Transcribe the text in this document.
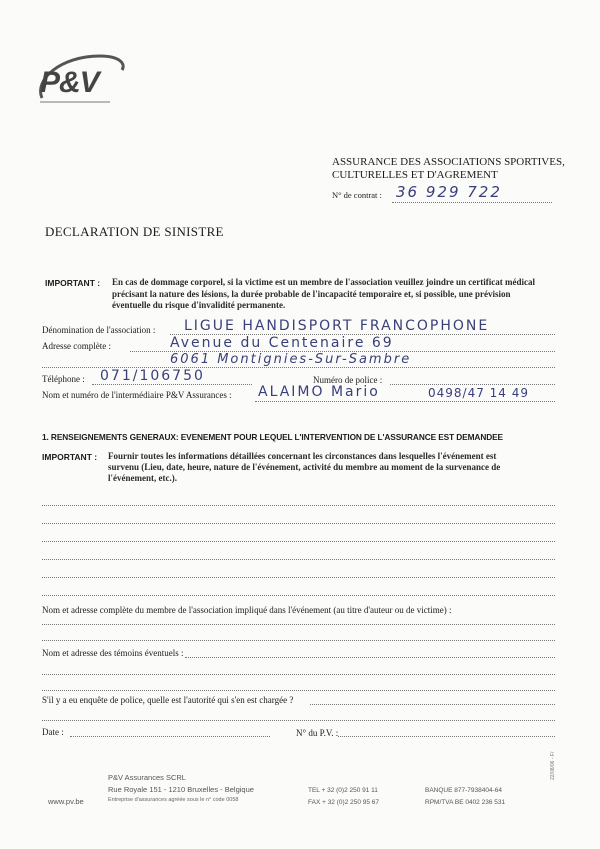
P&V
ASSURANCE DES ASSOCIATIONS SPORTIVES,
CULTURELLES ET D'AGREMENT
N° de contrat : 36 929 722
DECLARATION DE SINISTRE
IMPORTANT : En cas de dommage corporel, si la victime est un membre de l'association veuillez joindre un certificat médical précisant la nature des lésions, la durée probable de l'incapacité temporaire et, si possible, une prévision éventuelle du risque d'invalidité permanente.
Dénomination de l'association : LIGUE HANDISPORT FRANCOPHONE
Adresse complète :	Avenue du Centenaire 69
6061 Montignies-Sur-Sambre
Téléphone : 071/106750	Numéro de police :
Nom et numéro de l'intermédiaire P&V Assurances : ALAIMO Mario	0498/47 14 49
1. RENSEIGNEMENTS GENERAUX: EVENEMENT POUR LEQUEL L'INTERVENTION DE L'ASSURANCE EST DEMANDEE
IMPORTANT : Fournir toutes les informations détaillées concernant les circonstances dans lesquelles l'événement est survenu (Lieu, date, heure, nature de l'événement, activité du membre au moment de la survenance de l'événement, etc.).
Nom et adresse complète du membre de l'association impliqué dans l'événement (au titre d'auteur ou de victime) :
Nom et adresse des témoins éventuels :
S'il y a eu enquête de police, quelle est l'autorité qui s'en est chargée ?
Date :	N° du P.V. :
P&V Assurances SCRL
Rue Royale 151 - 1210 Bruxelles - Belgique
Entreprise d'assurances agréée sous le n° code 0058
www.pv.be
TEL + 32 (0)2 250 91 11
FAX + 32 (0)2 250 95 67
BANQUE 877-7938404-64
RPM/TVA BE 0402 236 531
22/08/06 - F/
